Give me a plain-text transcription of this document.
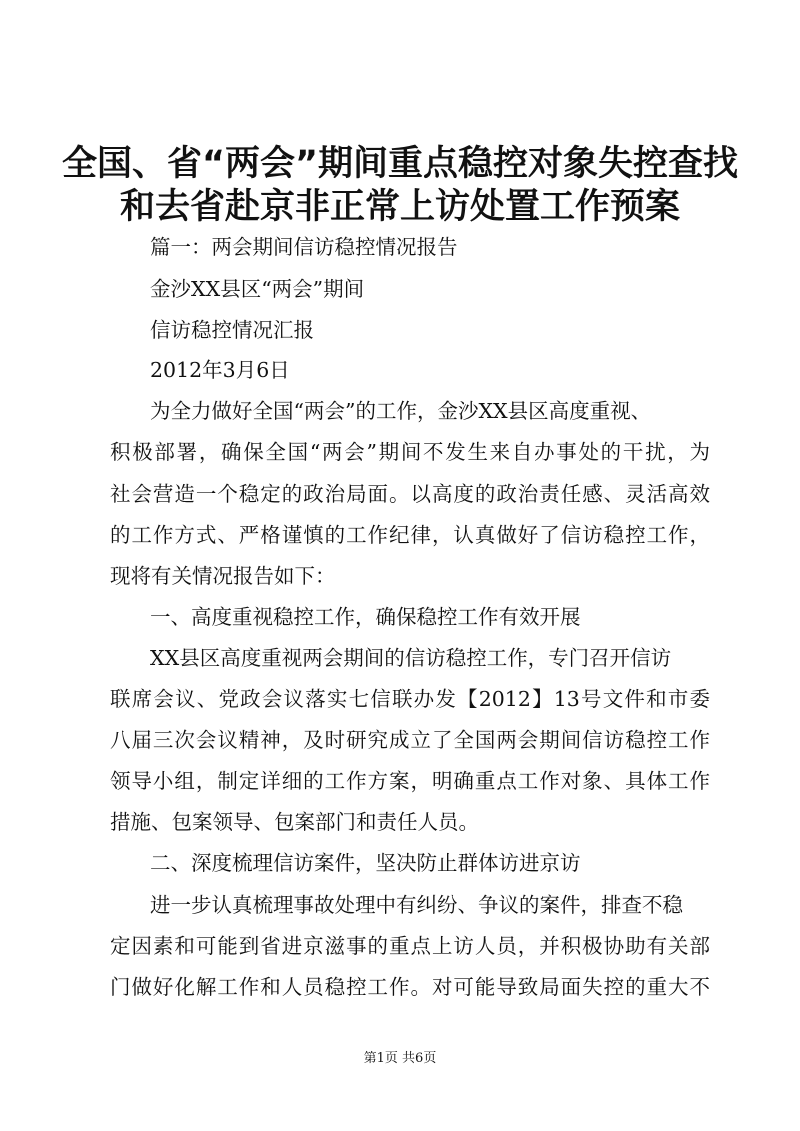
全国、省“两会”期间重点稳控对象失控查找
和去省赴京非正常上访处置工作预案

篇一：两会期间信访稳控情况报告

金沙XX县区“两会”期间

信访稳控情况汇报

2012年3月6日

为全力做好全国“两会”的工作，金沙XX县区高度重视、

积极部署，确保全国“两会”期间不发生来自办事处的干扰，为

社会营造一个稳定的政治局面。以高度的政治责任感、灵活高效

的工作方式、严格谨慎的工作纪律，认真做好了信访稳控工作，

现将有关情况报告如下：

一、高度重视稳控工作，确保稳控工作有效开展

XX县区高度重视两会期间的信访稳控工作，专门召开信访

联席会议、党政会议落实七信联办发【2012】13号文件和市委

八届三次会议精神，及时研究成立了全国两会期间信访稳控工作

领导小组，制定详细的工作方案，明确重点工作对象、具体工作

措施、包案领导、包案部门和责任人员。

二、深度梳理信访案件，坚决防止群体访进京访

进一步认真梳理事故处理中有纠纷、争议的案件，排查不稳

定因素和可能到省进京滋事的重点上访人员，并积极协助有关部

门做好化解工作和人员稳控工作。对可能导致局面失控的重大不

第1页 共6页
